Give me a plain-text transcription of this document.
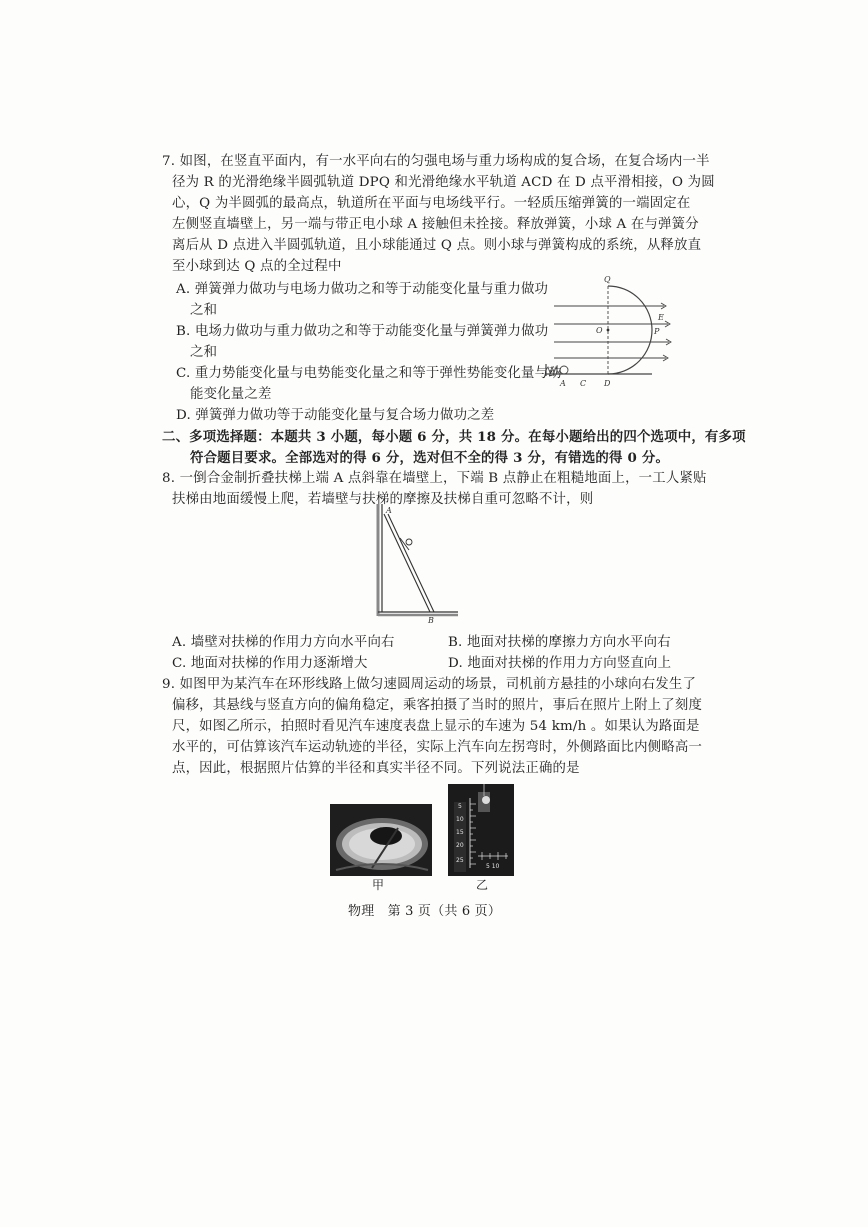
7. 如图，在竖直平面内，有一水平向右的匀强电场与重力场构成的复合场，在复合场内一半
径为 R 的光滑绝缘半圆弧轨道 DPQ 和光滑绝缘水平轨道 ACD 在 D 点平滑相接，O 为圆
心，Q 为半圆弧的最高点，轨道所在平面与电场线平行。一轻质压缩弹簧的一端固定在
左侧竖直墙壁上，另一端与带正电小球 A 接触但未拴接。释放弹簧，小球 A 在与弹簧分
离后从 D 点进入半圆弧轨道，且小球能通过 Q 点。则小球与弹簧构成的系统，从释放直
至小球到达 Q 点的全过程中
A. 弹簧弹力做功与电场力做功之和等于动能变化量与重力做功
之和
B. 电场力做功与重力做功之和等于动能变化量与弹簧弹力做功
之和
C. 重力势能变化量与电势能变化量之和等于弹性势能变化量与动
能变化量之差
D. 弹簧弹力做功等于动能变化量与复合场力做功之差
Q
E
O	P
A C D
二、多项选择题：本题共 3 小题，每小题 6 分，共 18 分。在每小题给出的四个选项中，有多项
符合题目要求。全部选对的得 6 分，选对但不全的得 3 分，有错选的得 0 分。
8. 一倒合金制折叠扶梯上端 A 点斜靠在墙壁上，下端 B 点静止在粗糙地面上，一工人紧贴
扶梯由地面缓慢上爬，若墙壁与扶梯的摩擦及扶梯自重可忽略不计，则
A
B
A. 墙壁对扶梯的作用力方向水平向右	B. 地面对扶梯的摩擦力方向水平向右
C. 地面对扶梯的作用力逐渐增大	D. 地面对扶梯的作用力方向竖直向上
9. 如图甲为某汽车在环形线路上做匀速圆周运动的场景，司机前方悬挂的小球向右发生了
偏移，其悬线与竖直方向的偏角稳定，乘客拍摄了当时的照片，事后在照片上附上了刻度
尺，如图乙所示，拍照时看见汽车速度表盘上显示的车速为 54 km/h 。如果认为路面是
水平的，可估算该汽车运动轨迹的半径，实际上汽车向左拐弯时，外侧路面比内侧略高一
点，因此，根据照片估算的半径和真实半径不同。下列说法正确的是
5
10
15
20
25
5 10
甲	乙
物理　第 3 页（共 6 页）
